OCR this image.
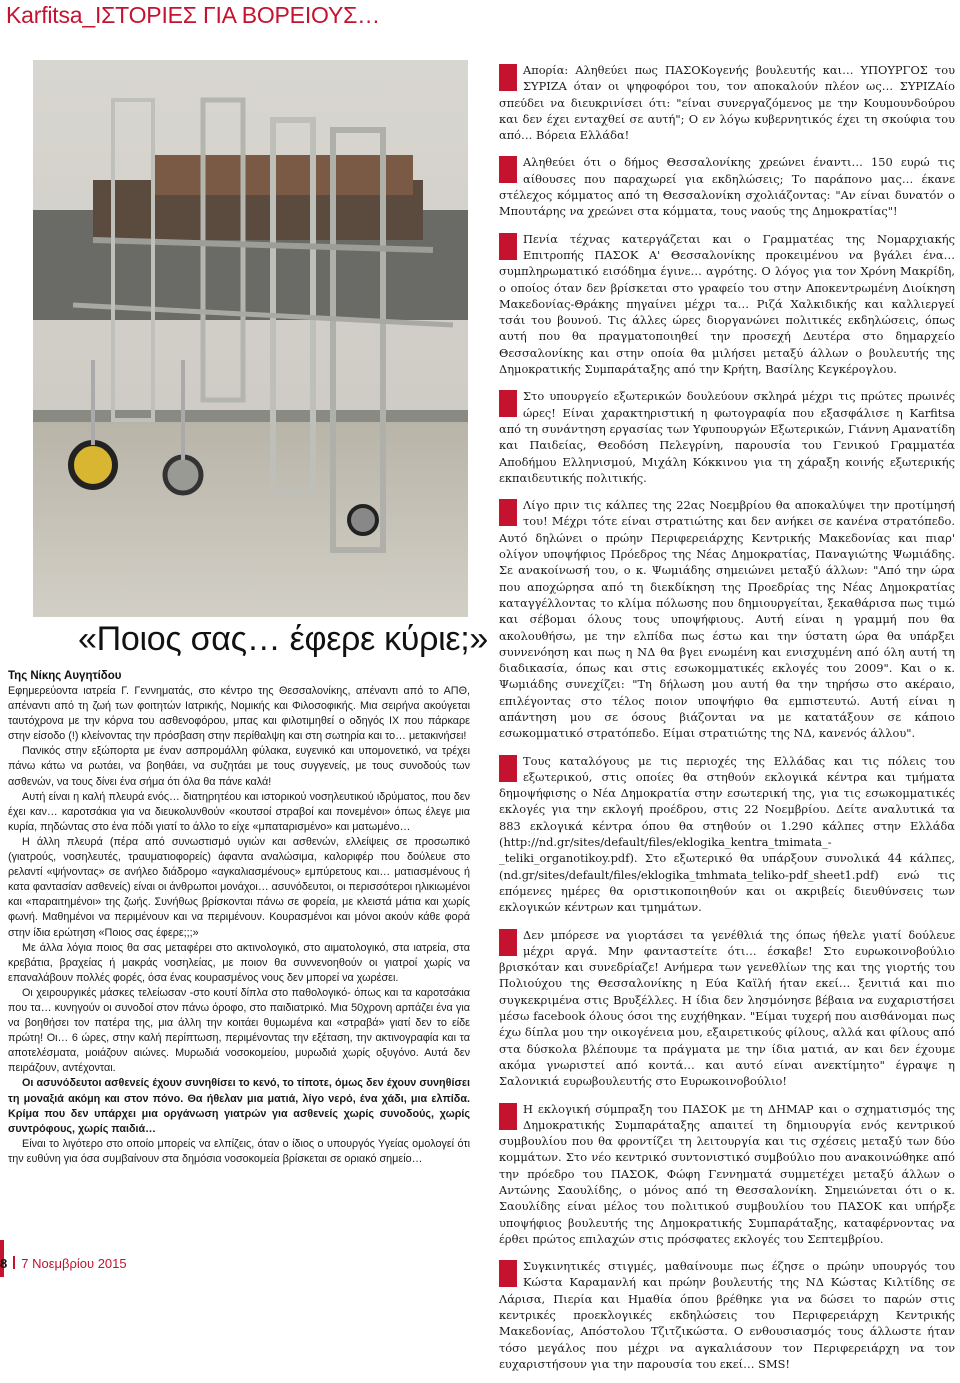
Karfitsa_ΙΣΤΟΡΙΕΣ ΓΙΑ ΒΟΡΕΙΟΥΣ…
«Ποιος σας… έφερε κύριε;»
Της Νίκης Αυγητίδου

Εφημερεύοντα ιατρεία Γ. Γεννηματάς, στο κέντρο της Θεσσαλονίκης, απέναντι από το ΑΠΘ, απέναντι από τη ζωή των φοιτητών Ιατρικής, Νομικής και Φιλοσοφικής. Μια σειρήνα ακούγεται ταυτόχρονα με την κόρνα του ασθενοφόρου, μπας και φιλοτιμηθεί ο οδηγός ΙΧ που πάρκαρε στην είσοδο (!) κλείνοντας την πρόσβαση στην περίθαλψη και στη σωτηρία και το… μετακινήσει!

Πανικός στην εξώπορτα με έναν ασπρομάλλη φύλακα, ευγενικό και υπομονετικό, να τρέχει πάνω κάτω να ρωτάει, να βοηθάει, να συζητάει με τους συγγενείς, με τους συνοδούς των ασθενών, να τους δίνει ένα σήμα ότι όλα θα πάνε καλά!

Αυτή είναι η καλή πλευρά ενός… διατηρητέου και ιστορικού νοσηλευτικού ιδρύματος, που δεν έχει καν… καροτσάκια για να διευκολυνθούν «κουτσοί στραβοί και πονεμένοι» όπως έλεγε μια κυρία, πηδώντας στο ένα πόδι γιατί το άλλο το είχε «μπαταρισμένο» και ματωμένο…

Η άλλη πλευρά (πέρα από συνωστισμό υγιών και ασθενών, ελλείψεις σε προσωπικό (γιατρούς, νοσηλευτές, τραυματιοφορείς) άφαντα αναλώσιμα, καλοριφέρ που δούλευε στο ρελαντί «ψήνοντας» σε ανήλεο διάδρομο «αγκαλιασμένους» εμπύρετους και… ματιασμένους ή κατα φαντασίαν ασθενείς) είναι οι άνθρωποι μονάχοι… ασυνόδευτοι, οι περισσότεροι ηλικιωμένοι και «παραιτημένοι» της ζωής. Συνήθως βρίσκονται πάνω σε φορεία, με κλειστά μάτια και χωρίς φωνή. Μαθημένοι να περιμένουν και να περιμένουν. Κουρασμένοι και μόνοι ακούν κάθε φορά στην ίδια ερώτηση «Ποιος σας έφερε;;;»

Με άλλα λόγια ποιος θα σας μεταφέρει στο ακτινολογικό, στο αιματολογικό, στα ιατρεία, στα κρεβάτια, βραχείας ή μακράς νοσηλείας, με ποιον θα συννενοηθούν οι γιατροί χωρίς να επαναλάβουν πολλές φορές, όσα ένας κουρασμένος νους δεν μπορεί να χωρέσει.

Οι χειρουργικές μάσκες τελείωσαν -στο κουτί δίπλα στο παθολογικό- όπως και τα καροτσάκια που τα… κυνηγούν οι συνοδοί στον πάνω όροφο, στο παιδιατρικό. Μια 50χρονη αρπάζει ένα για να βοηθήσει τον πατέρα της, μια άλλη την κοιτάει θυμωμένα και «στραβά» γιατί δεν το είδε πρώτη! Οι… 6 ώρες, στην καλή περίπτωση, περιμένοντας την εξέταση, την ακτινογραφία και τα αποτελέσματα, μοιάζουν αιώνες. Μυρωδιά νοσοκομείου, μυρωδιά χωρίς οξυγόνο. Αυτά δεν πειράζουν, αντέχονται.

Οι ασυνόδευτοι ασθενείς έχουν συνηθίσει το κενό, το τίποτε, όμως δεν έχουν συνηθίσει τη μοναξιά ακόμη και στον πόνο. Θα ήθελαν μια ματιά, λίγο νερό, ένα χάδι, μια ελπίδα. Κρίμα που δεν υπάρχει μια οργάνωση γιατρών για ασθενείς χωρίς συνοδούς, χωρίς συντρόφους, χωρίς παιδιά…

Είναι το λιγότερο στο οποίο μπορείς να ελπίζεις, όταν ο ίδιος ο υπουργός Υγείας ομολογεί ότι την ευθύνη για όσα συμβαίνουν στα δημόσια νοσοκομεία βρίσκεται σε οριακό σημείο…

Απορία: Αληθεύει πως ΠΑΣΟΚογενής βουλευτής και… ΥΠΟΥΡΓΟΣ του ΣΥΡΙΖΑ όταν οι ψηφοφόροι του, τον αποκαλούν πλέον ως… ΣΥΡΙΖΑίο σπεύδει να διευκρινίσει ότι: "είναι συνεργαζόμενος με την Κουμουνδούρου και δεν έχει ενταχθεί σε αυτή"; Ο εν λόγω κυβερνητικός έχει τη σκούφια του από… Βόρεια Ελλάδα!

Αληθεύει ότι ο δήμος Θεσσαλονίκης χρεώνει έναντι… 150 ευρώ τις αίθουσες που παραχωρεί για εκδηλώσεις; Το παράπονο μας… έκανε στέλεχος κόμματος από τη Θεσσαλονίκη σχολιάζοντας: "Αν είναι δυνατόν ο Μπουτάρης να χρεώνει στα κόμματα, τους ναούς της Δημοκρατίας"!

Πενία τέχνας κατεργάζεται και ο Γραμματέας της Νομαρχιακής Επιτροπής ΠΑΣΟΚ Α' Θεσσαλονίκης προκειμένου να βγάλει ένα… συμπληρωματικό εισόδημα έγινε… αγρότης. Ο λόγος για τον Χρόνη Μακρίδη, ο οποίος όταν δεν βρίσκεται στο γραφείο του στην Αποκεντρωμένη Διοίκηση Μακεδονίας-Θράκης πηγαίνει μέχρι τα… Ριζά Χαλκιδικής και καλλιεργεί τσάι του βουνού. Τις άλλες ώρες διοργανώνει πολιτικές εκδηλώσεις, όπως αυτή που θα πραγματοποιηθεί την προσεχή Δευτέρα στο δημαρχείο Θεσσαλονίκης και στην οποία θα μιλήσει μεταξύ άλλων ο βουλευτής της Δημοκρατικής Συμπαράταξης από την Κρήτη, Βασίλης Κεγκέρογλου.

Στο υπουργείο εξωτερικών δουλεύουν σκληρά μέχρι τις πρώτες πρωινές ώρες! Είναι χαρακτηριστική η φωτογραφία που εξασφάλισε η Karfitsa από τη συνάντηση εργασίας των Υφυπουργών Εξωτερικών, Γιάννη Αμανατίδη και Παιδείας, Θεοδόση Πελεγρίνη, παρουσία του Γενικού Γραμματέα Αποδήμου Ελληνισμού, Μιχάλη Κόκκινου για τη χάραξη κοινής εξωτερικής εκπαιδευτικής πολιτικής.

Λίγο πριν τις κάλπες της 22ας Νοεμβρίου θα αποκαλύψει την προτίμησή του! Μέχρι τότε είναι στρατιώτης και δεν ανήκει σε κανένα στρατόπεδο. Αυτό δηλώνει ο πρώην Περιφερειάρχης Κεντρικής Μακεδονίας και πιαρ' ολίγον υποψήφιος Πρόεδρος της Νέας Δημοκρατίας, Παναγιώτης Ψωμιάδης. Σε ανακοίνωσή του, ο κ. Ψωμιάδης σημειώνει μεταξύ άλλων: "Από την ώρα που αποχώρησα από τη διεκδίκηση της Προεδρίας της Νέας Δημοκρατίας καταγγέλλοντας το κλίμα πόλωσης που δημιουργείται, ξεκαθάρισα πως τιμώ και σέβομαι όλους τους υποψήφιους. Αυτή είναι η γραμμή που θα ακολουθήσω, με την ελπίδα πως έστω και την ύστατη ώρα θα υπάρξει συννενόηση και πως η ΝΔ θα βγει ενωμένη και ενισχυμένη από όλη αυτή τη διαδικασία, όπως και στις εσωκομματικές εκλογές του 2009". Και ο κ. Ψωμιάδης συνεχίζει: "Τη δήλωση μου αυτή θα την τηρήσω στο ακέραιο, επιλέγοντας στο τέλος ποιον υποψήφιο θα εμπιστευτώ. Αυτή είναι η απάντηση μου σε όσους βιάζονται να με κατατάξουν σε κάποιο εσωκομματικό στρατόπεδο. Είμαι στρατιώτης της ΝΔ, κανενός άλλου".

Τους καταλόγους με τις περιοχές της Ελλάδας και τις πόλεις του εξωτερικού, στις οποίες θα στηθούν εκλογικά κέντρα και τμήματα δημοψήφισης ο Νέα Δημοκρατία στην εσωτερική της, για τις εσωκομματικές εκλογές για την εκλογή προέδρου, στις 22 Νοεμβρίου. Δείτε αναλυτικά τα 883 εκλογικά κέντρα όπου θα στηθούν οι 1.290 κάλπες στην Ελλάδα (http://nd.gr/sites/default/files/eklogika_kentra_tmimata_-_teliki_organotikoy.pdf). Στο εξωτερικό θα υπάρξουν συνολικά 44 κάλπες, (nd.gr/sites/default/files/eklogika_tmhmata_teliko-pdf_sheet1.pdf) ενώ τις επόμενες ημέρες θα οριστικοποιηθούν και οι ακριβείς διευθύνσεις των εκλογικών κέντρων και τμημάτων.

Δεν μπόρεσε να γιορτάσει τα γενέθλιά της όπως ήθελε γιατί δούλευε μέχρι αργά. Μην φανταστείτε ότι… έσκαβε! Στο ευρωκοινοβούλιο βρισκόταν και συνεδρίαζε! Ανήμερα των γενεθλίων της και της γιορτής του Πολιούχου της Θεσσαλονίκης η Εύα Καϊλή ήταν εκεί… ξενιτιά και πιο συγκεκριμένα στις Βρυξέλλες. Η ίδια δεν λησμόνησε βέβαια να ευχαριστήσει μέσω facebook όλους όσοι της ευχήθηκαν. "Είμαι τυχερή που αισθάνομαι πως έχω δίπλα μου την οικογένεια μου, εξαιρετικούς φίλους, αλλά και φίλους από στα δύσκολα βλέπουμε τα πράγματα με την ίδια ματιά, αν και δεν έχουμε ακόμα γνωριστεί από κοντά… και αυτό είναι ανεκτίμητο" έγραψε η Σαλονικιά ευρωβουλευτής στο Ευρωκοινοβούλιο!

Η εκλογική σύμπραξη του ΠΑΣΟΚ με τη ΔΗΜΑΡ και ο σχηματισμός της Δημοκρατικής Συμπαράταξης απαιτεί τη δημιουργία ενός κεντρικού συμβουλίου που θα φροντίζει τη λειτουργία και τις σχέσεις μεταξύ των δύο κομμάτων. Στο νέο κεντρικό συντονιστικό συμβούλιο που ανακοινώθηκε από την πρόεδρο του ΠΑΣΟΚ, Φώφη Γεννηματά συμμετέχει μεταξύ άλλων ο Αντώνης Σαουλίδης, ο μόνος από τη Θεσσαλονίκη. Σημειώνεται ότι ο κ. Σαουλίδης είναι μέλος του πολιτικού συμβουλίου του ΠΑΣΟΚ και υπήρξε υποψήφιος βουλευτής της Δημοκρατικής Συμπαράταξης, καταφέρνοντας να έρθει πρώτος επιλαχών στις πρόσφατες εκλογές του Σεπτεμβρίου.

Συγκινητικές στιγμές, μαθαίνουμε πως έζησε ο πρώην υπουργός του Κώστα Καραμανλή και πρώην βουλευτής της ΝΔ Κώστας Κιλτίδης σε Λάρισα, Πιερία και Ημαθία όπου βρέθηκε για να δώσει το παρών στις κεντρικές προεκλογικές εκδηλώσεις του Περιφερειάρχη Κεντρικής Μακεδονίας, Απόστολου Τζιτζικώστα. Ο ενθουσιασμός τους άλλωστε ήταν τόσο μεγάλος που μέχρι να αγκαλιάσουν τον Περιφερειάρχη να τον ευχαριστήσουν για την παρουσία του εκεί… SMS!

8 7 Νοεμβρίου 2015
